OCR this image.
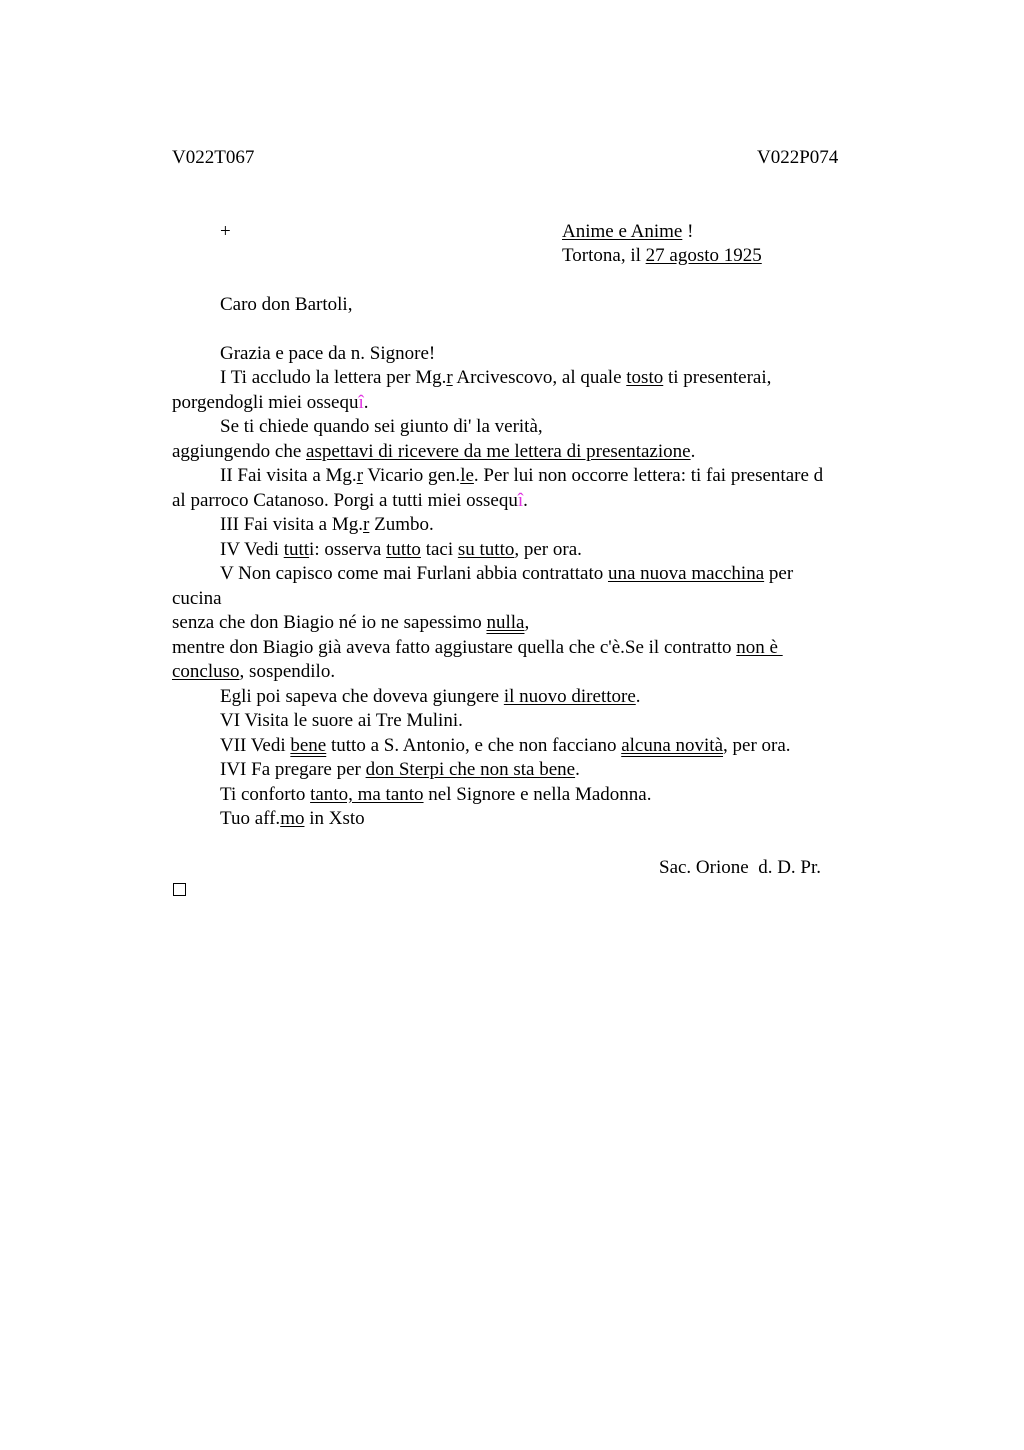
V022T067	V022P074
+	Anime e Anime !
Tortona, il 27 agosto 1925
Caro don Bartoli,
Grazia e pace da n. Signore!
I Ti accludo la lettera per Mg.r Arcivescovo, al quale tosto ti presenterai,
porgendogli miei ossequî.
Se ti chiede quando sei giunto di' la verità,
aggiungendo che aspettavi di ricevere da me lettera di presentazione.
II Fai visita a Mg.r Vicario gen.le. Per lui non occorre lettera: ti fai presentare d
al parroco Catanoso. Porgi a tutti miei ossequî.
III Fai visita a Mg.r Zumbo.
IV Vedi tutti: osserva tutto taci su tutto, per ora.
V Non capisco come mai Furlani abbia contrattato una nuova macchina per
cucina
senza che don Biagio né io ne sapessimo nulla,
mentre don Biagio già aveva fatto aggiustare quella che c'è.Se il contratto non è
concluso, sospendilo.
Egli poi sapeva che doveva giungere il nuovo direttore.
VI Visita le suore ai Tre Mulini.
VII Vedi bene tutto a S. Antonio, e che non facciano alcuna novità, per ora.
IVI Fa pregare per don Sterpi che non sta bene.
Ti conforto tanto, ma tanto nel Signore e nella Madonna.
Tuo aff.mo in Xsto
Sac. Orione  d. D. Pr.
